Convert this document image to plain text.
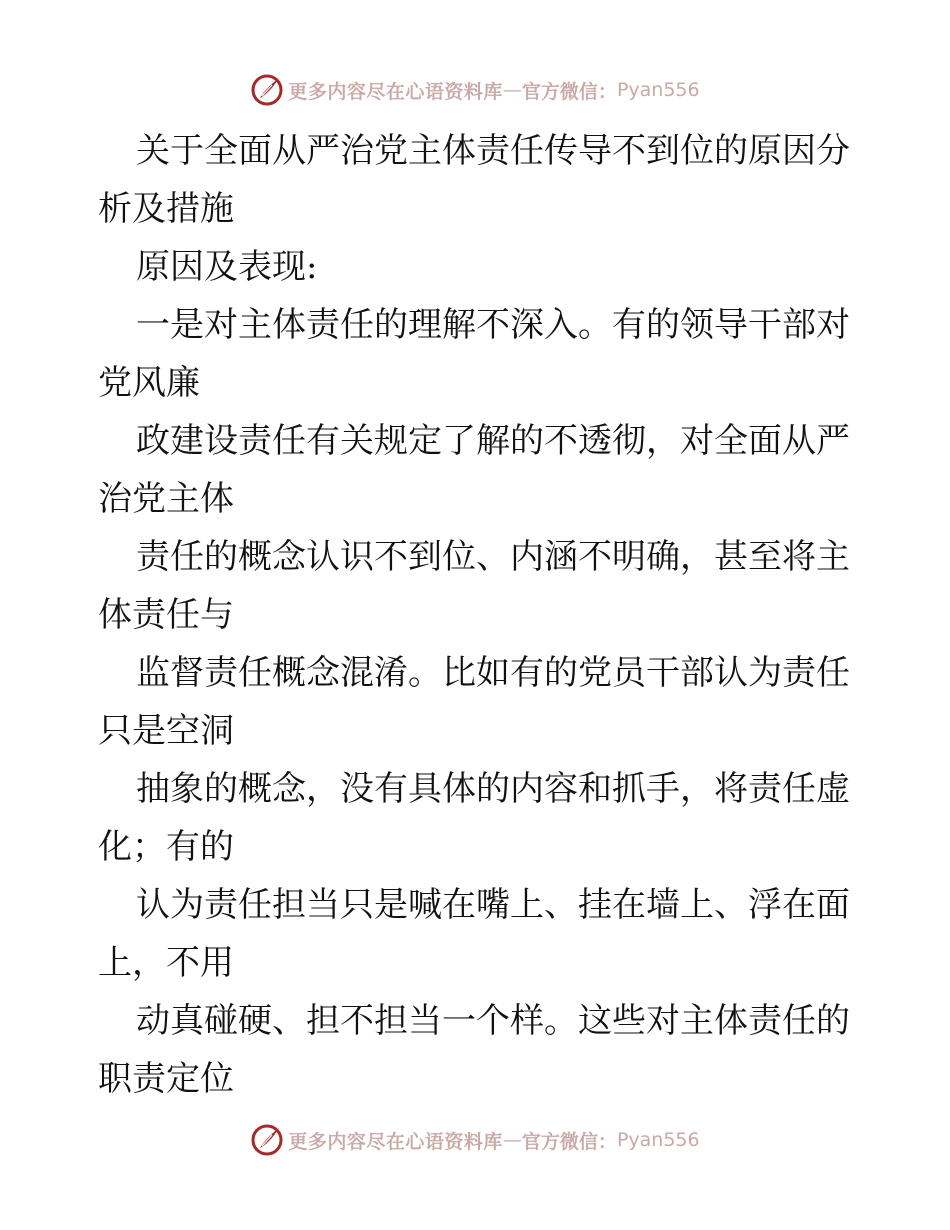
更多内容尽在心语资料库 — 官方微信： Pyan556
关于全面从严治党主体责任传导不到位的原因分
析及措施
原因及表现:
一是对主体责任的理解不深入。有的领导干部对
党风廉
政建设责任有关规定了解的不透彻，对全面从严
治党主体
责任的概念认识不到位、内涵不明确，甚至将主
体责任与
监督责任概念混淆。比如有的党员干部认为责任
只是空洞
抽象的概念，没有具体的内容和抓手，将责任虚
化；有的
认为责任担当只是喊在嘴上、挂在墙上、浮在面
上，不用
动真碰硬、担不担当一个样。这些对主体责任的
职责定位
更多内容尽在心语资料库 — 官方微信： Pyan556
